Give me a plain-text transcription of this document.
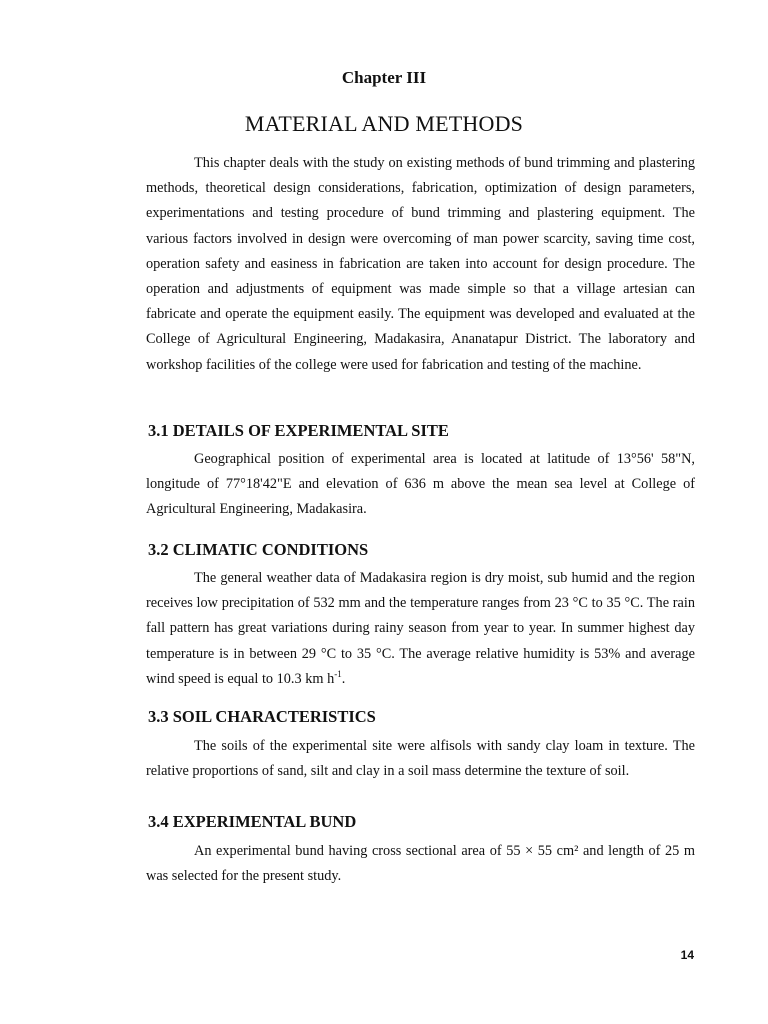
Chapter III
MATERIAL AND METHODS

This chapter deals with the study on existing methods of bund trimming and plastering methods, theoretical design considerations, fabrication, optimization of design parameters, experimentations and testing procedure of bund trimming and plastering equipment. The various factors involved in design were overcoming of man power scarcity, saving time cost, operation safety and easiness in fabrication are taken into account for design procedure. The operation and adjustments of equipment was made simple so that a village artesian can fabricate and operate the equipment easily. The equipment was developed and evaluated at the College of Agricultural Engineering, Madakasira, Ananatapur District. The laboratory and workshop facilities of the college were used for fabrication and testing of the machine.

3.1 DETAILS OF EXPERIMENTAL SITE

Geographical position of experimental area is located at latitude of 13°56' 58"N, longitude of 77°18'42"E and elevation of 636 m above the mean sea level at College of Agricultural Engineering, Madakasira.

3.2 CLIMATIC CONDITIONS

The general weather data of Madakasira region is dry moist, sub humid and the region receives low precipitation of 532 mm and the temperature ranges from 23 °C to 35 °C. The rain fall pattern has great variations during rainy season from year to year. In summer highest day temperature is in between 29 °C to 35 °C. The average relative humidity is 53% and average wind speed is equal to 10.3 km $h^{-1}$.

3.3 SOIL CHARACTERISTICS

The soils of the experimental site were alfisols with sandy clay loam in texture. The relative proportions of sand, silt and clay in a soil mass determine the texture of soil.

3.4 EXPERIMENTAL BUND

An experimental bund having cross sectional area of 55 × 55 cm² and length of 25 m was selected for the present study.

14
